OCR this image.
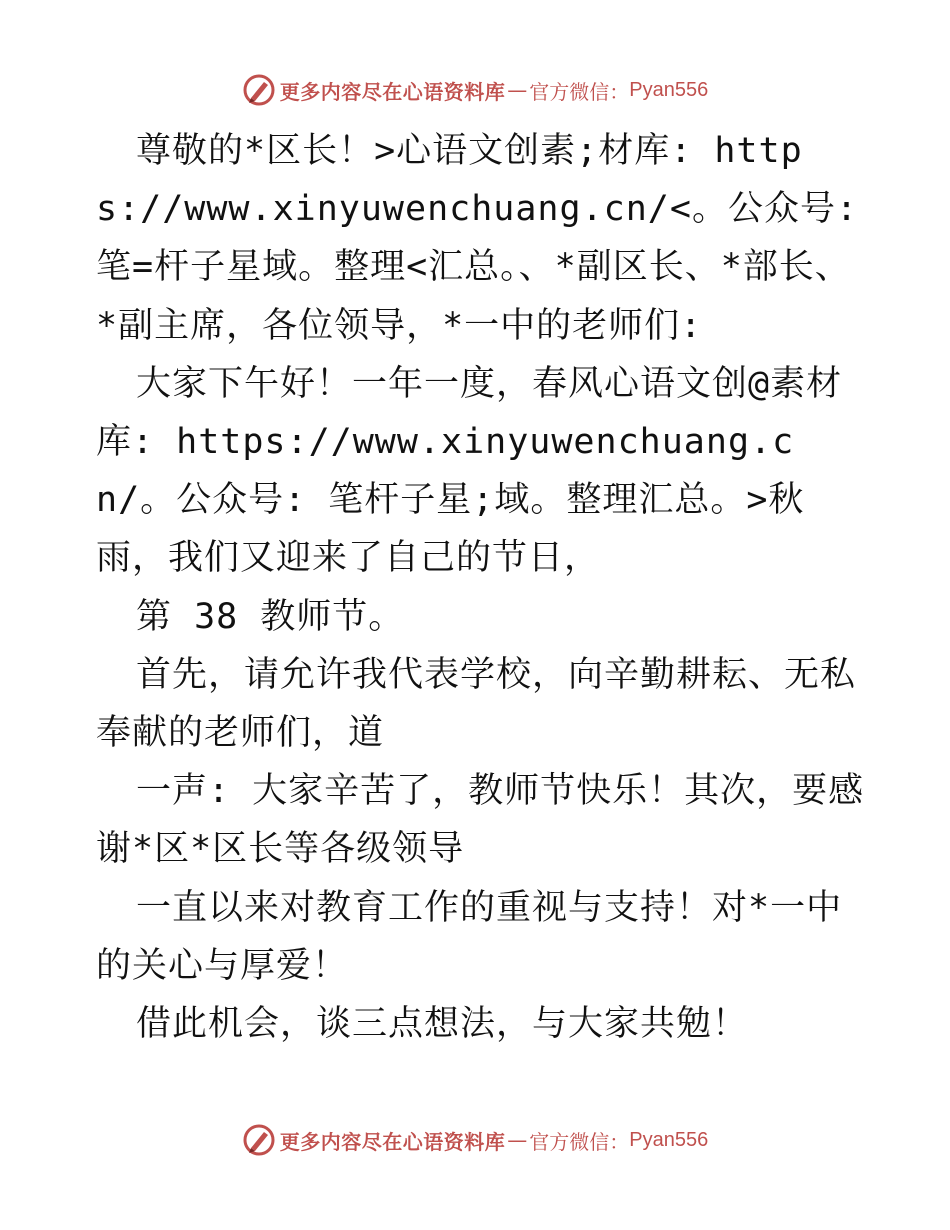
更多内容尽在心语资料库 — 官方微信： Pyan556

尊敬的*区长！>心语文创素;材库: https://www.xinyuwenchuang.cn/<。公众号: 笔=杆子星域。整理<汇总。、*副区长、*部长、*副主席，各位领导，*一中的老师们:

大家下午好！一年一度，春风心语文创@素材库: https://www.xinyuwenchuang.cn/。公众号: 笔杆子星;域。整理汇总。>秋雨，我们又迎来了自己的节日，

第 38 教师节。

首先，请允许我代表学校，向辛勤耕耘、无私奉献的老师们，道

一声: 大家辛苦了，教师节快乐！其次，要感谢*区*区长等各级领导

一直以来对教育工作的重视与支持！对*一中的关心与厚爱！

借此机会，谈三点想法，与大家共勉！

更多内容尽在心语资料库 — 官方微信： Pyan556
